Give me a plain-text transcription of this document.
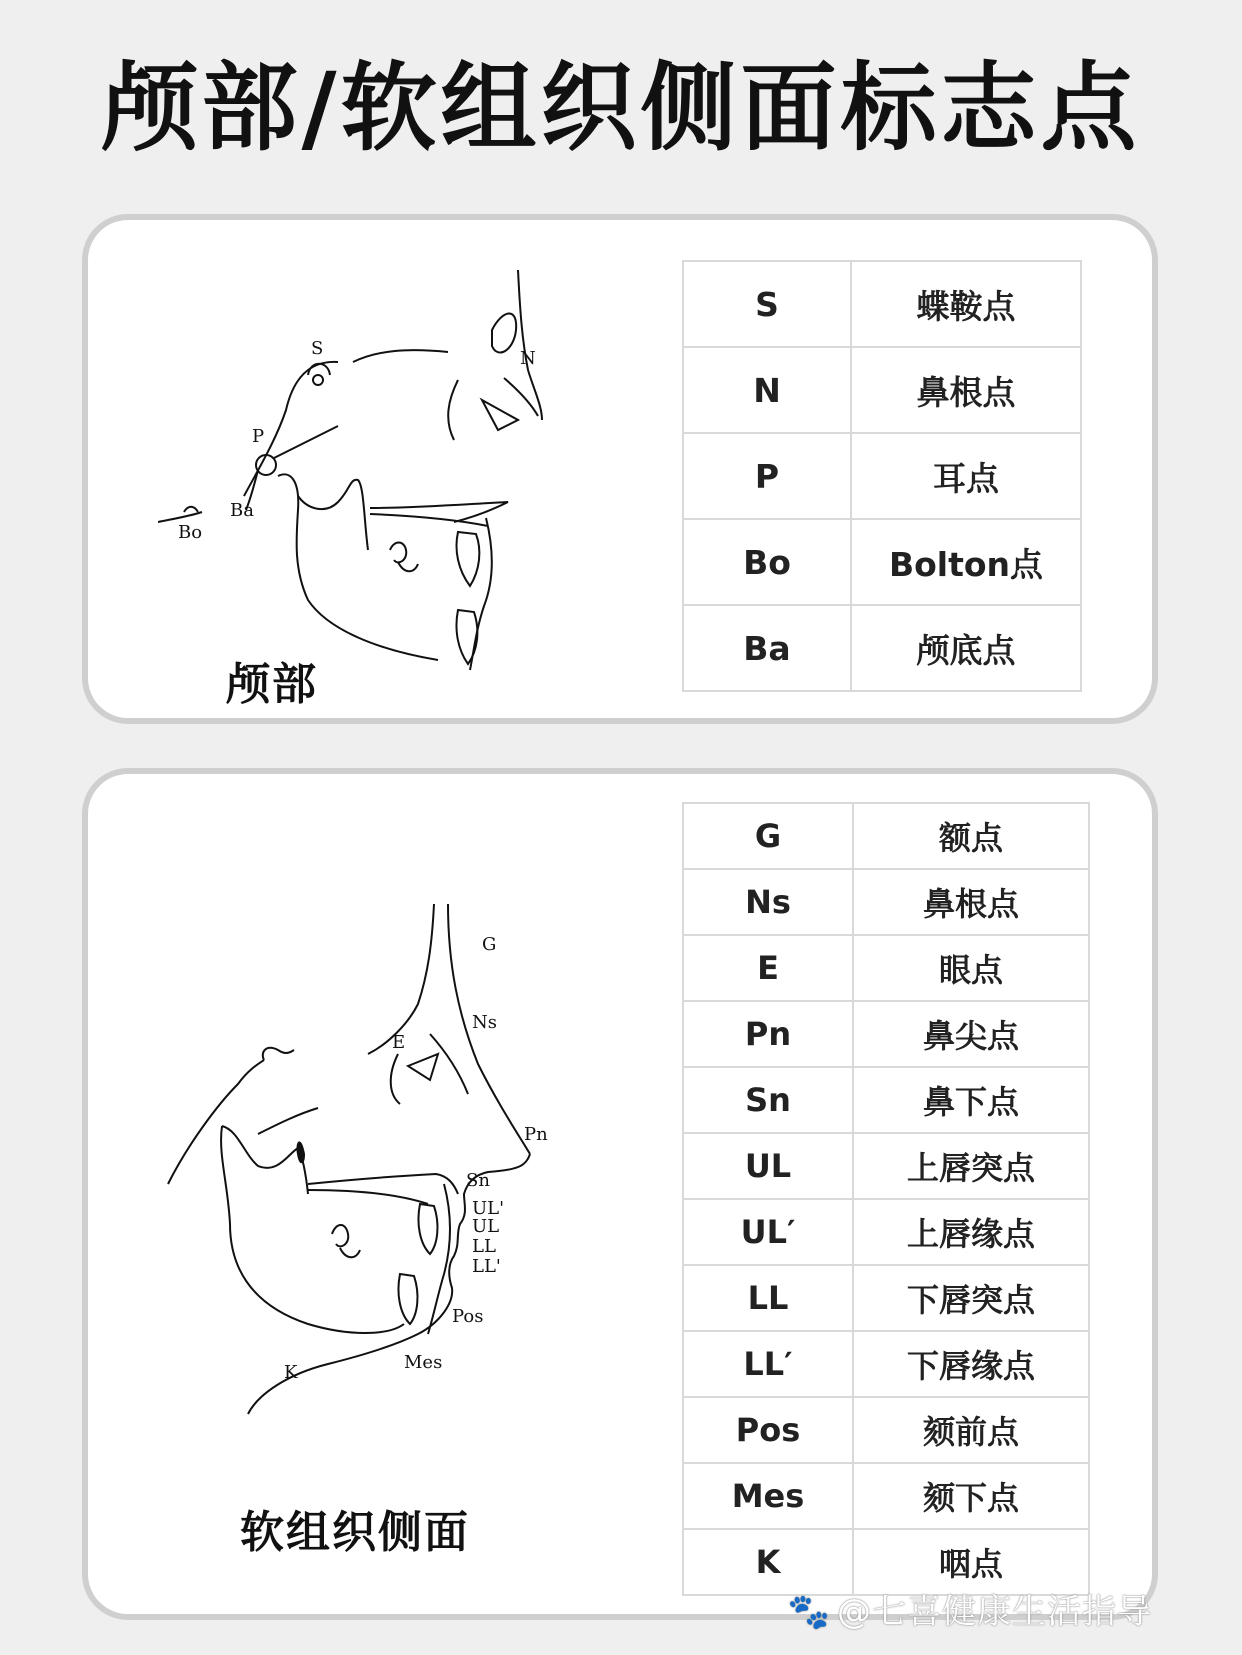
颅部/软组织侧面标志点
S	N
P
Ba
Bo
颅部
S	蝶鞍点
N	鼻根点
P	耳点
Bo	Bolton点
Ba	颅底点
G
Ns
E
Pn
Sn
UL'
UL
LL
LL'
Pos
Mes
K
软组织侧面
G	额点
Ns	鼻根点
E	眼点
Pn	鼻尖点
Sn	鼻下点
UL	上唇突点
UL′	上唇缘点
LL	下唇突点
LL′	下唇缘点
Pos	颏前点
Mes	颏下点
K	咽点
🐾 @七喜健康生活指导
